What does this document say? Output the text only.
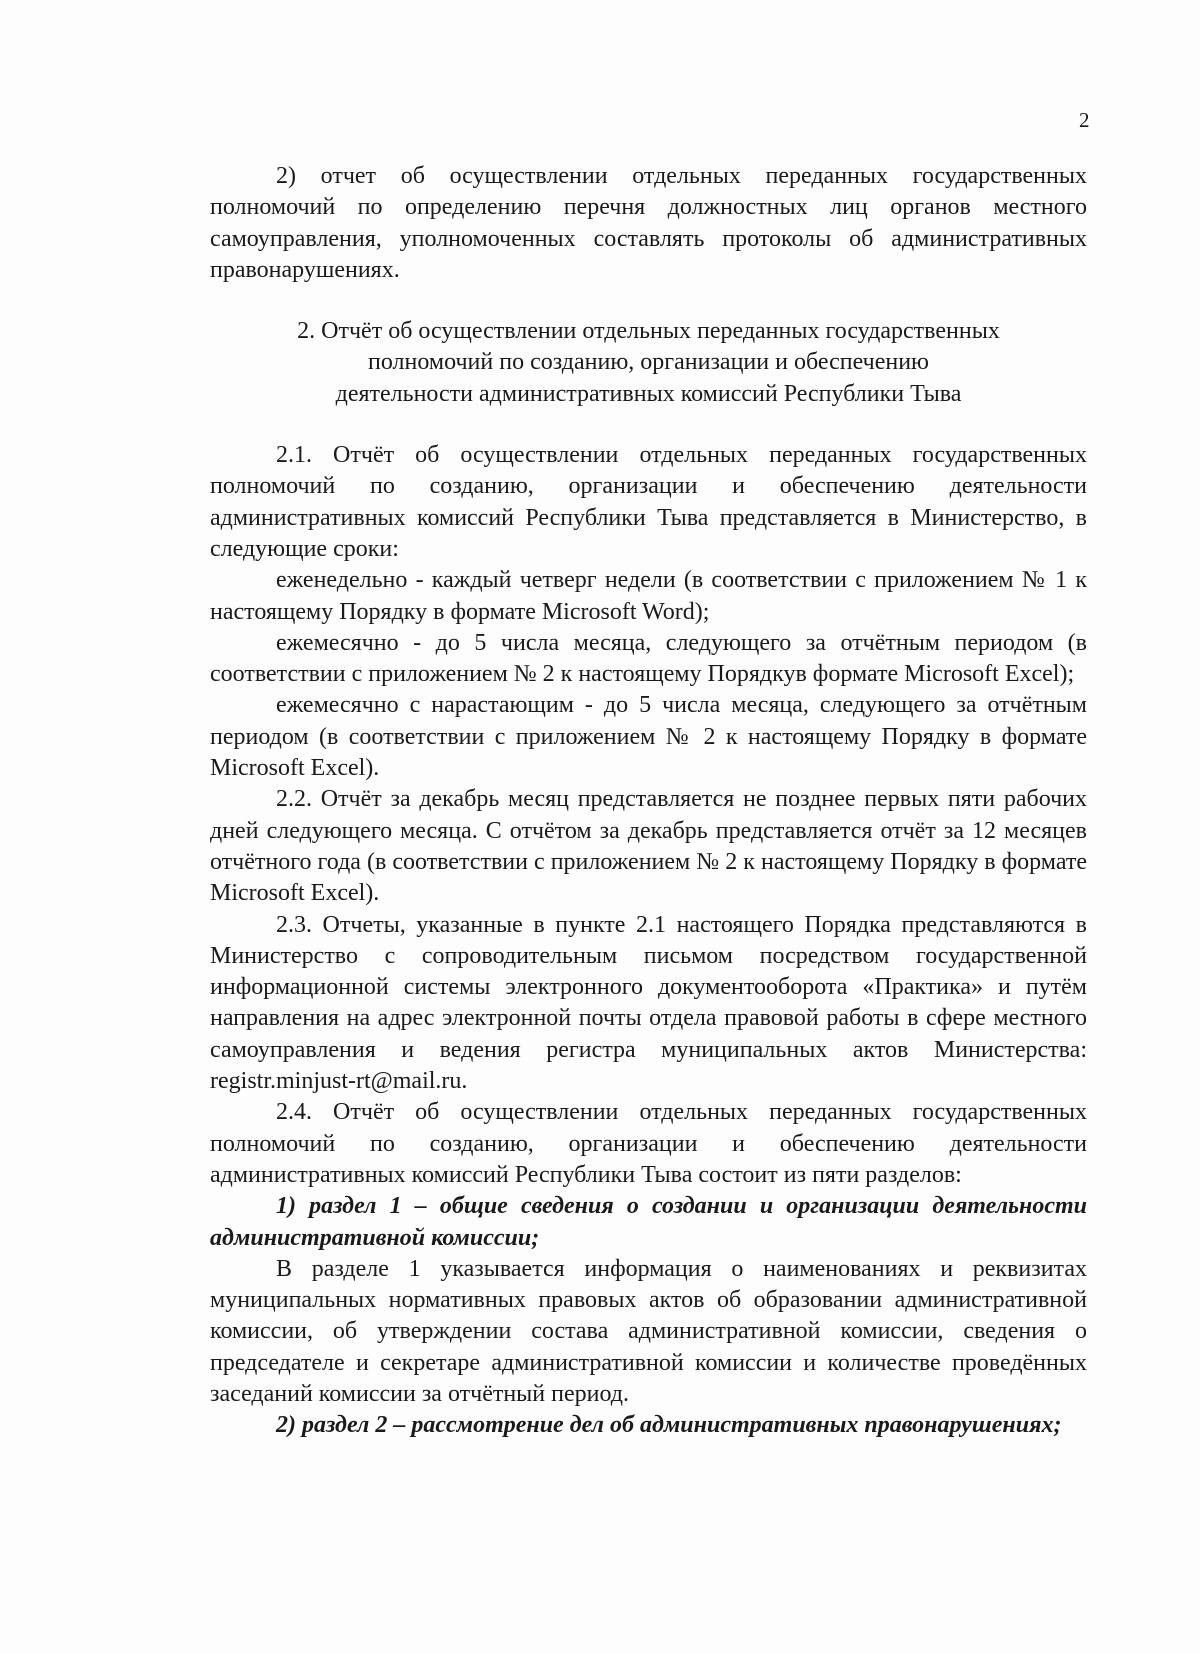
2

2) отчет об осуществлении отдельных переданных государственных полномочий по определению перечня должностных лиц органов местного самоуправления, уполномоченных составлять протоколы об административных правонарушениях.

2. Отчёт об осуществлении отдельных переданных государственных
полномочий по созданию, организации и обеспечению
деятельности административных комиссий Республики Тыва

2.1. Отчёт об осуществлении отдельных переданных государственных полномочий по созданию, организации и обеспечению деятельности административных комиссий Республики Тыва представляется в Министерство, в следующие сроки:

еженедельно - каждый четверг недели (в соответствии с приложением № 1 к настоящему Порядку в формате Microsoft Word);

ежемесячно - до 5 числа месяца, следующего за отчётным периодом (в соответствии с приложением № 2 к настоящему Порядкув формате Microsoft Excel);

ежемесячно с нарастающим - до 5 числа месяца, следующего за отчётным периодом (в соответствии с приложением № 2 к настоящему Порядку в формате Microsoft Excel).

2.2. Отчёт за декабрь месяц представляется не позднее первых пяти рабочих дней следующего месяца. С отчётом за декабрь представляется отчёт за 12 месяцев отчётного года (в соответствии с приложением № 2 к настоящему Порядку в формате Microsoft Excel).

2.3. Отчеты, указанные в пункте 2.1 настоящего Порядка представляются в Министерство с сопроводительным письмом посредством государственной информационной системы электронного документооборота «Практика» и путём направления на адрес электронной почты отдела правовой работы в сфере местного самоуправления и ведения регистра муниципальных актов Министерства: registr.minjust-rt@mail.ru.

2.4. Отчёт об осуществлении отдельных переданных государственных полномочий по созданию, организации и обеспечению деятельности административных комиссий Республики Тыва состоит из пяти разделов:

1) раздел 1 – общие сведения о создании и организации деятельности административной комиссии;

В разделе 1 указывается информация о наименованиях и реквизитах муниципальных нормативных правовых актов об образовании административной комиссии, об утверждении состава административной комиссии, сведения о председателе и секретаре административной комиссии и количестве проведённых заседаний комиссии за отчётный период.

2) раздел 2 – рассмотрение дел об административных правонарушениях;
